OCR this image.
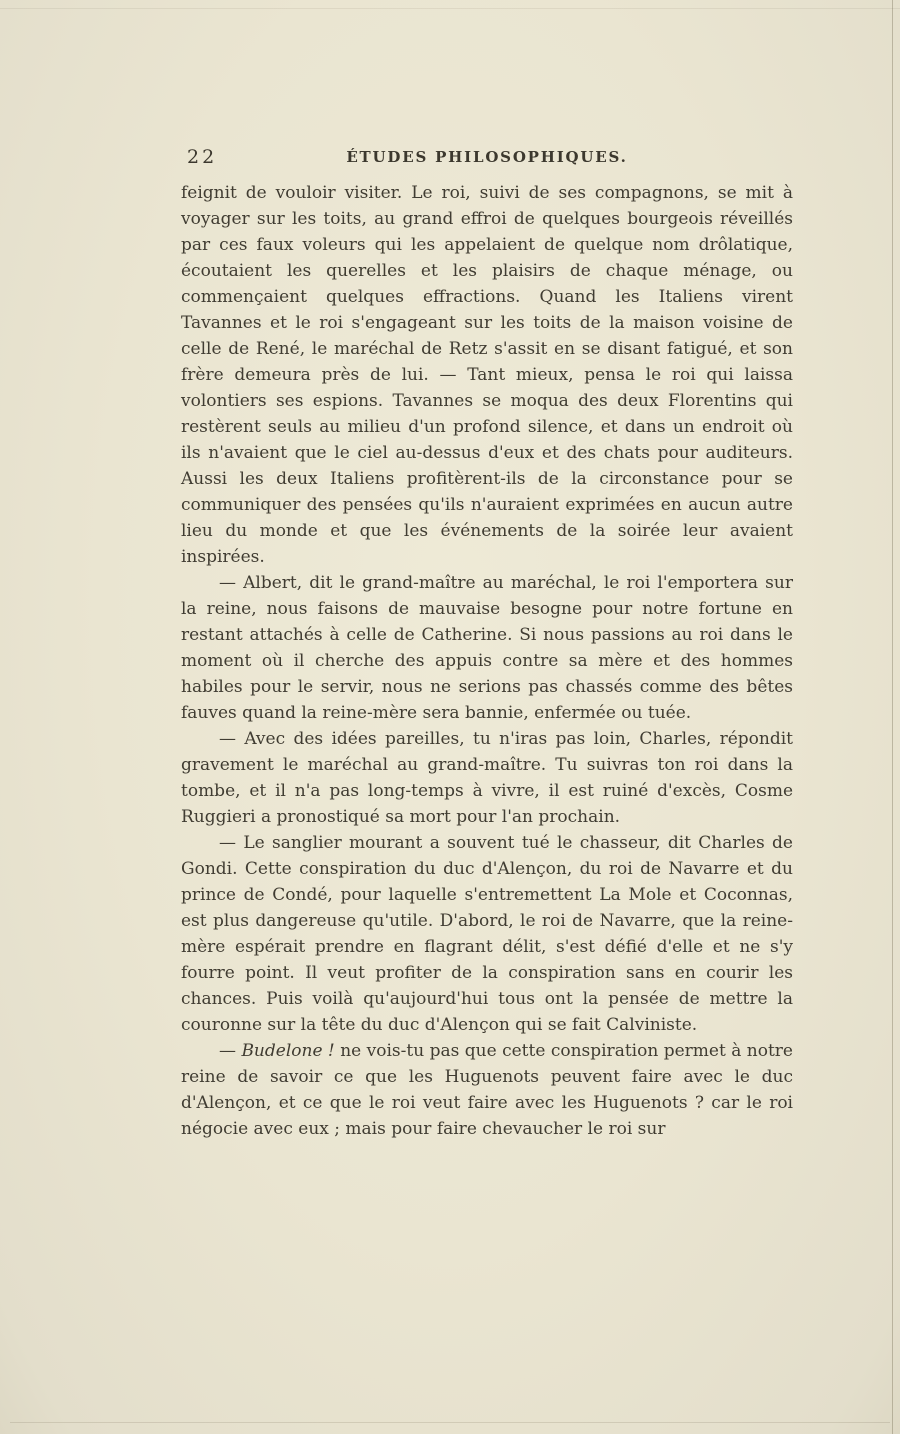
22	ÉTUDES PHILOSOPHIQUES.

feignit de vouloir visiter. Le roi, suivi de ses compagnons, se mit à voyager sur les toits, au grand effroi de quelques bourgeois réveillés par ces faux voleurs qui les appelaient de quelque nom drôlatique, écoutaient les querelles et les plaisirs de chaque ménage, ou commençaient quelques effractions. Quand les Italiens virent Tavannes et le roi s'engageant sur les toits de la maison voisine de celle de René, le maréchal de Retz s'assit en se disant fatigué, et son frère demeura près de lui. — Tant mieux, pensa le roi qui laissa volontiers ses espions. Tavannes se moqua des deux Florentins qui restèrent seuls au milieu d'un profond silence, et dans un endroit où ils n'avaient que le ciel au-dessus d'eux et des chats pour auditeurs. Aussi les deux Italiens profitèrent-ils de la circonstance pour se communiquer des pensées qu'ils n'auraient exprimées en aucun autre lieu du monde et que les événements de la soirée leur avaient inspirées.

— Albert, dit le grand-maître au maréchal, le roi l'emportera sur la reine, nous faisons de mauvaise besogne pour notre fortune en restant attachés à celle de Catherine. Si nous passions au roi dans le moment où il cherche des appuis contre sa mère et des hommes habiles pour le servir, nous ne serions pas chassés comme des bêtes fauves quand la reine-mère sera bannie, enfermée ou tuée.

— Avec des idées pareilles, tu n'iras pas loin, Charles, répondit gravement le maréchal au grand-maître. Tu suivras ton roi dans la tombe, et il n'a pas long-temps à vivre, il est ruiné d'excès, Cosme Ruggieri a pronostiqué sa mort pour l'an prochain.

— Le sanglier mourant a souvent tué le chasseur, dit Charles de Gondi. Cette conspiration du duc d'Alençon, du roi de Navarre et du prince de Condé, pour laquelle s'entremettent La Mole et Coconnas, est plus dangereuse qu'utile. D'abord, le roi de Navarre, que la reine-mère espérait prendre en flagrant délit, s'est défié d'elle et ne s'y fourre point. Il veut profiter de la conspiration sans en courir les chances. Puis voilà qu'aujourd'hui tous ont la pensée de mettre la couronne sur la tête du duc d'Alençon qui se fait Calviniste.

— Budelone ! ne vois-tu pas que cette conspiration permet à notre reine de savoir ce que les Huguenots peuvent faire avec le duc d'Alençon, et ce que le roi veut faire avec les Huguenots ? car le roi négocie avec eux ; mais pour faire chevaucher le roi sur
